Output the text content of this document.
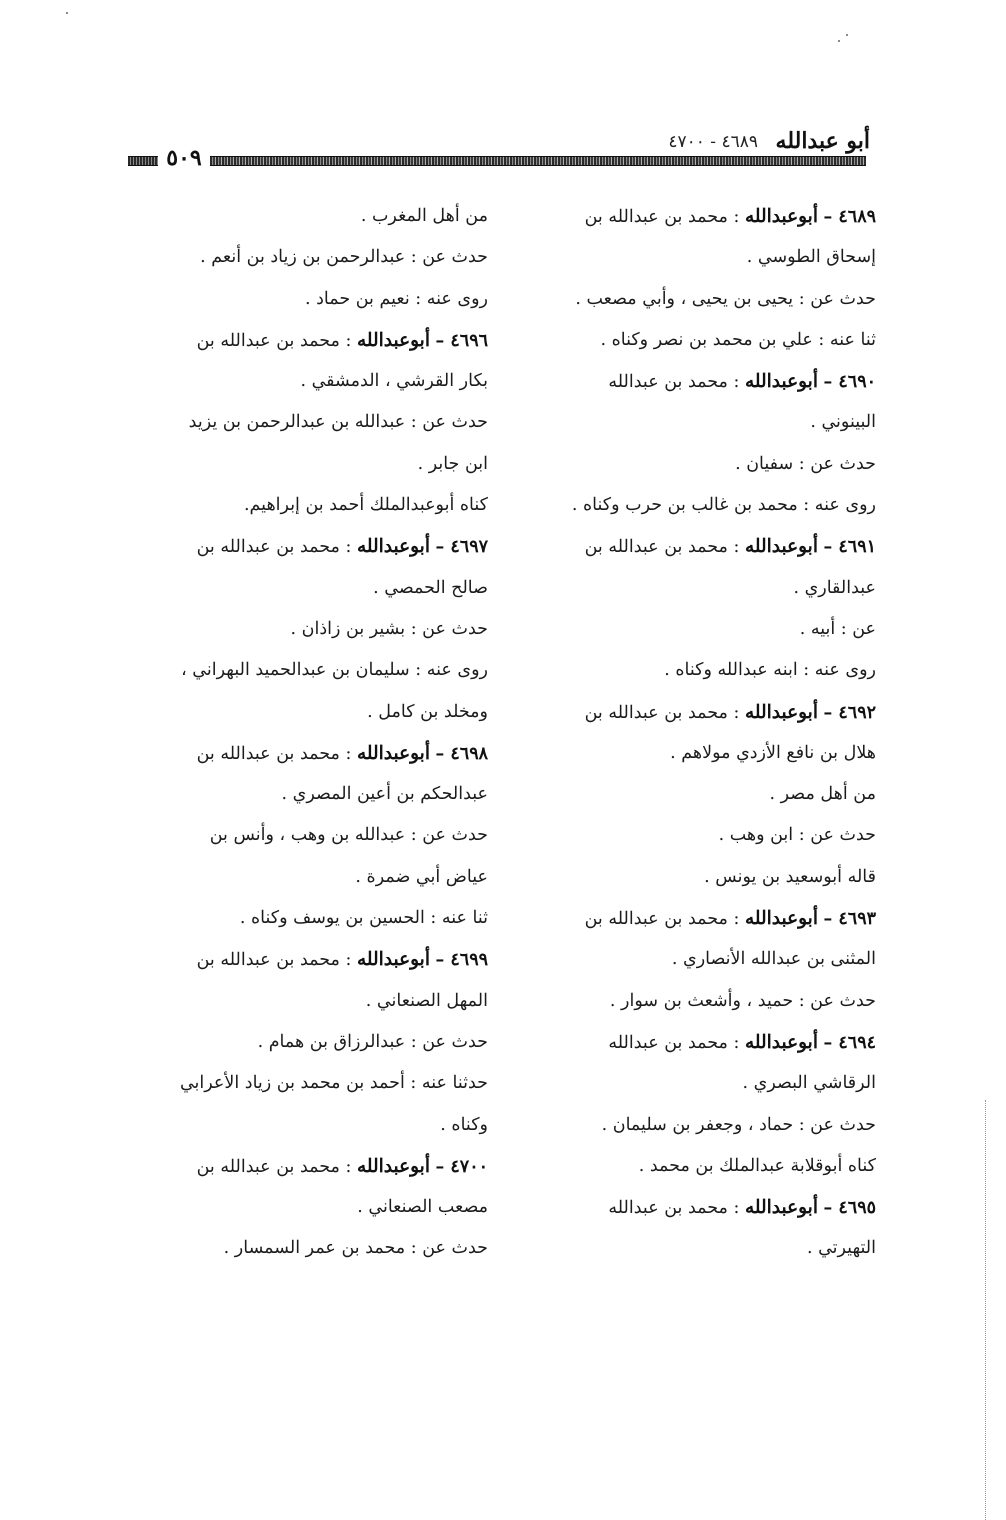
أبو عبدالله
٤٦٨٩ - ٤٧٠٠
٥٠٩
٤٦٨٩ – أبوعبدالله : محمد بن عبدالله بن
إسحاق الطوسي .
حدث عن : يحيى بن يحيى ، وأبي مصعب .
ثنا عنه : علي بن محمد بن نصر وكناه .
٤٦٩٠ – أبوعبدالله : محمد بن عبدالله
البينوني .
حدث عن : سفيان .
روى عنه : محمد بن غالب بن حرب وكناه .
٤٦٩١ – أبوعبدالله : محمد بن عبدالله بن
عبدالقاري .
عن : أبيه .
روى عنه : ابنه عبدالله وكناه .
٤٦٩٢ – أبوعبدالله : محمد بن عبدالله بن
هلال بن نافع الأزدي مولاهم .
من أهل مصر .
حدث عن : ابن وهب .
قاله أبوسعيد بن يونس .
٤٦٩٣ – أبوعبدالله : محمد بن عبدالله بن
المثنى بن عبدالله الأنصاري .
حدث عن : حميد ، وأشعث بن سوار .
٤٦٩٤ – أبوعبدالله : محمد بن عبدالله
الرقاشي البصري .
حدث عن : حماد ، وجعفر بن سليمان .
كناه أبوقلابة عبدالملك بن محمد .
٤٦٩٥ – أبوعبدالله : محمد بن عبدالله
التهيرتي .
من أهل المغرب .
حدث عن : عبدالرحمن بن زياد بن أنعم .
روى عنه : نعيم بن حماد .
٤٦٩٦ – أبوعبدالله : محمد بن عبدالله بن
بكار القرشي ، الدمشقي .
حدث عن : عبدالله بن عبدالرحمن بن يزيد
ابن جابر .
كناه أبوعبدالملك أحمد بن إبراهيم.
٤٦٩٧ – أبوعبدالله : محمد بن عبدالله بن
صالح الحمصي .
حدث عن : بشير بن زاذان .
روى عنه : سليمان بن عبدالحميد البهراني ،
ومخلد بن كامل .
٤٦٩٨ – أبوعبدالله : محمد بن عبدالله بن
عبدالحكم بن أعين المصري .
حدث عن : عبدالله بن وهب ، وأنس بن
عياض أبي ضمرة .
ثنا عنه : الحسين بن يوسف وكناه .
٤٦٩٩ – أبوعبدالله : محمد بن عبدالله بن
المهل الصنعاني .
حدث عن : عبدالرزاق بن همام .
حدثنا عنه : أحمد بن محمد بن زياد الأعرابي
وكناه .
٤٧٠٠ – أبوعبدالله : محمد بن عبدالله بن
مصعب الصنعاني .
حدث عن : محمد بن عمر السمسار .
